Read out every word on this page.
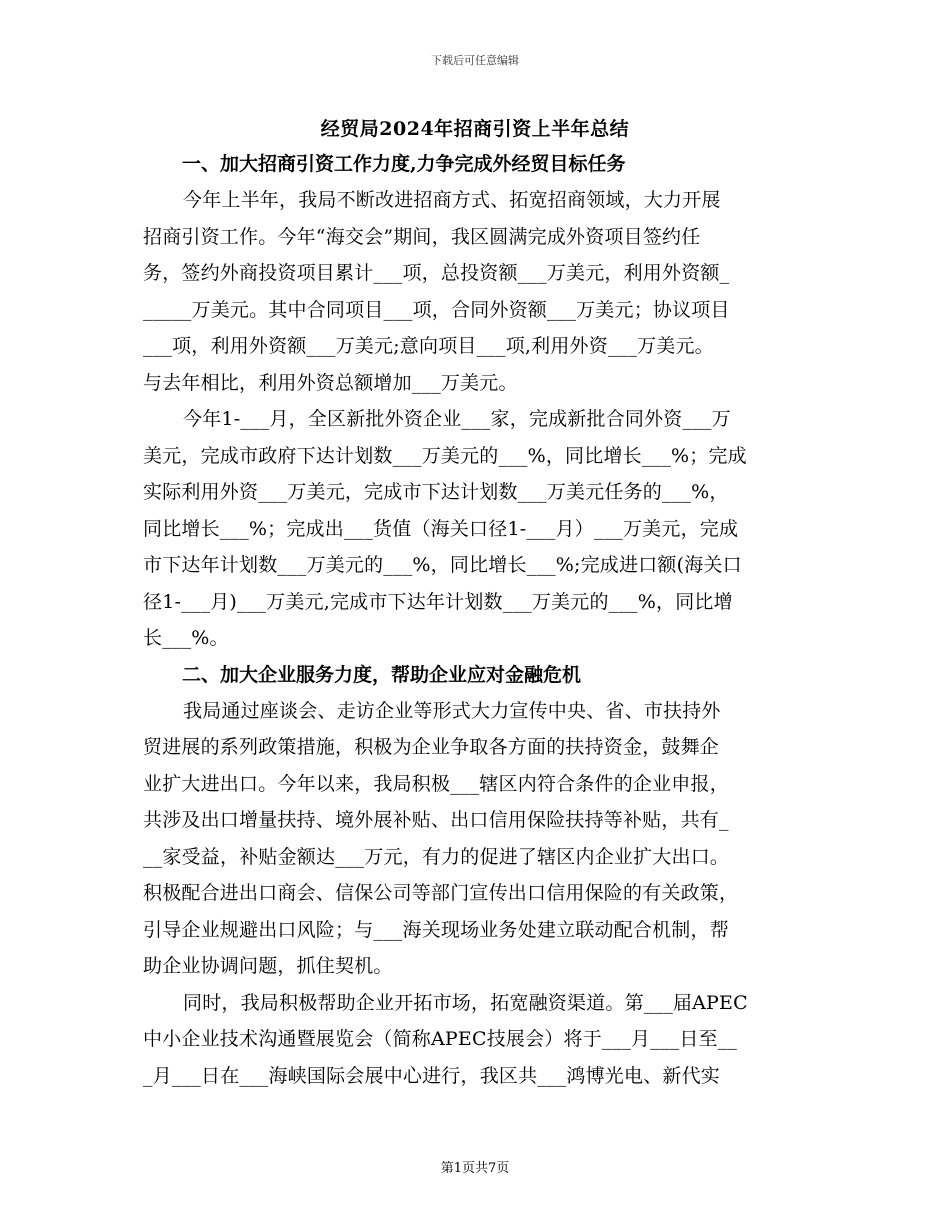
下载后可任意编辑
经贸局2024年招商引资上半年总结
一、加大招商引资工作力度,力争完成外经贸目标任务
今年上半年，我局不断改进招商方式、拓宽招商领域，大力开展
招商引资工作。今年“海交会”期间，我区圆满完成外资项目签约任
务，签约外商投资项目累计___项，总投资额___万美元，利用外资额_
_____万美元。其中合同项目___项，合同外资额___万美元；协议项目
___项，利用外资额___万美元;意向项目___项,利用外资___万美元。
与去年相比，利用外资总额增加___万美元。
今年1-___月，全区新批外资企业___家，完成新批合同外资___万
美元，完成市政府下达计划数___万美元的___%，同比增长___%；完成
实际利用外资___万美元，完成市下达计划数___万美元任务的___%，
同比增长___%；完成出___货值（海关口径1-___月）___万美元，完成
市下达年计划数___万美元的___%，同比增长___%;完成进口额(海关口
径1-___月)___万美元,完成市下达年计划数___万美元的___%，同比增
长___%。
二、加大企业服务力度，帮助企业应对金融危机
我局通过座谈会、走访企业等形式大力宣传中央、省、市扶持外
贸进展的系列政策措施，积极为企业争取各方面的扶持资金，鼓舞企
业扩大进出口。今年以来，我局积极___辖区内符合条件的企业申报，
共涉及出口增量扶持、境外展补贴、出口信用保险扶持等补贴，共有_
__家受益，补贴金额达___万元，有力的促进了辖区内企业扩大出口。
积极配合进出口商会、信保公司等部门宣传出口信用保险的有关政策，
引导企业规避出口风险；与___海关现场业务处建立联动配合机制，帮
助企业协调问题，抓住契机。
同时，我局积极帮助企业开拓市场，拓宽融资渠道。第___届APEC
中小企业技术沟通暨展览会（简称APEC技展会）将于___月___日至__
_月___日在___海峡国际会展中心进行，我区共___鸿博光电、新代实
第1页共7页
